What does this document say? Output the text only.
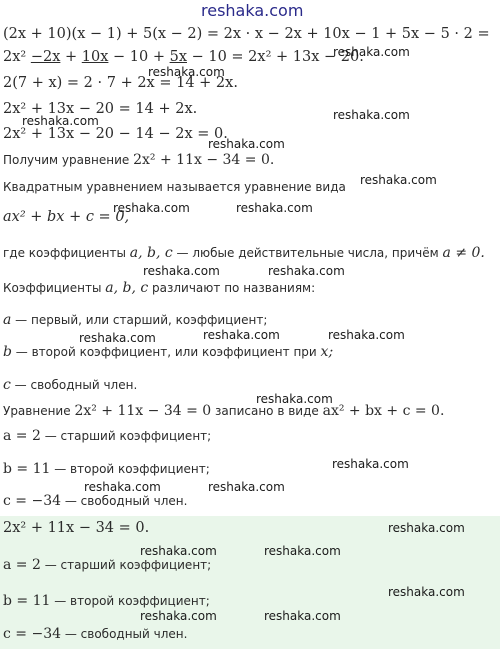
reshaka.com
(2x + 10)(x − 1) + 5(x − 2) = 2x · x − 2x + 10x − 1 + 5x − 5 · 2 =
2x² −2x + 10x − 10 + 5x − 10 = 2x² + 13x − 20.
reshaka.com
reshaka.com
2(7 + x) = 2 · 7 + 2x = 14 + 2x.
2x² + 13x − 20 = 14 + 2x.	reshaka.com
reshaka.com
2x² + 13x − 20 − 14 − 2x = 0.
reshaka.com
Получим уравнение 2x² + 11x − 34 = 0.
reshaka.com
Квадратным уравнением называется уравнение вида
reshaka.com	reshaka.com
ax² + bx + c = 0,
где коэффициенты a, b, c — любые действительные числа, причём a ≠ 0.
reshaka.com	reshaka.com
Коэффициенты a, b, c различают по названиям:
a — первый, или старший, коэффициент;
reshaka.com	reshaka.com	reshaka.com
b — второй коэффициент, или коэффициент при x;
c — свободный член.
reshaka.com
Уравнение 2x² + 11x − 34 = 0 записано в виде ax² + bx + c = 0.
a = 2 — старший коэффициент;
reshaka.com
b = 11 — второй коэффициент;
reshaka.com	reshaka.com
c = −34 — свободный член.
2x² + 11x − 34 = 0.	reshaka.com
reshaka.com	reshaka.com
a = 2 — старший коэффициент;
reshaka.com
b = 11 — второй коэффициент;
reshaka.com	reshaka.com
c = −34 — свободный член.
